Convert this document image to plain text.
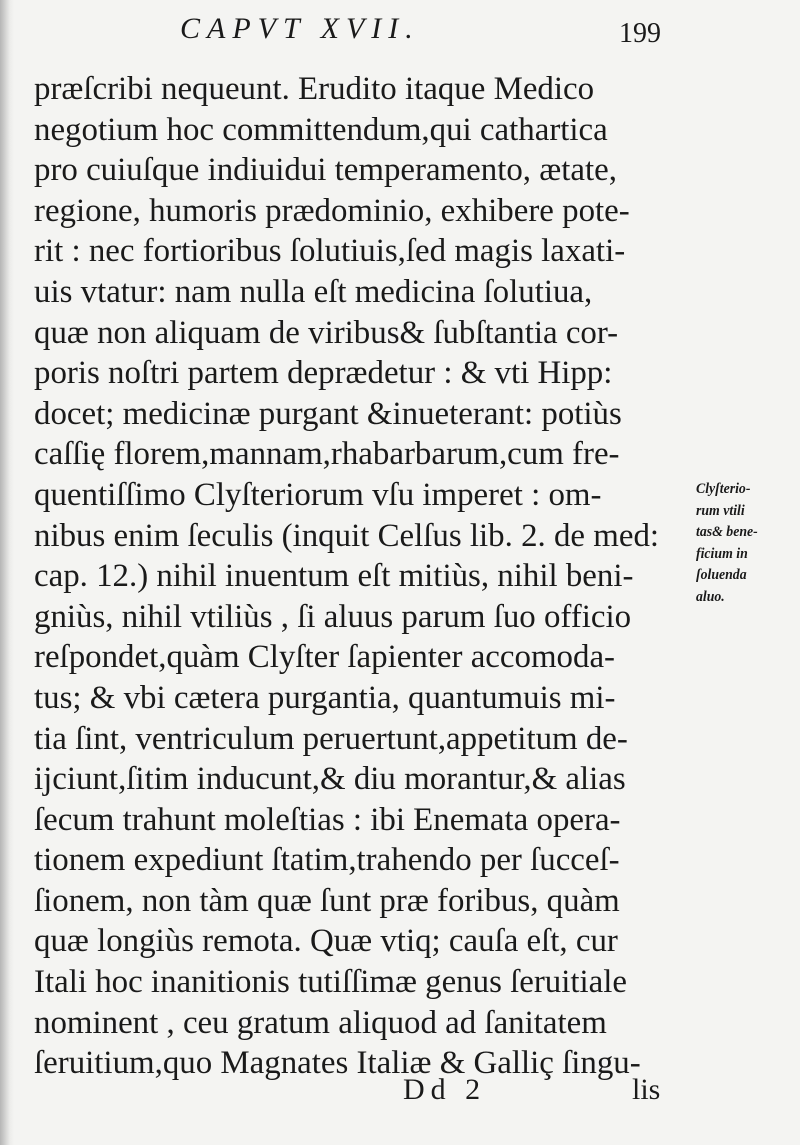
CAPVT XVII.	199
præſcribi nequeunt. Erudito itaque Medico
negotium hoc committendum,qui cathartica
pro cuiuſque indiuidui temperamento, ætate,
regione, humoris prædominio, exhibere pote-
rit : nec fortioribus ſolutiuis,ſed magis laxati-
uis vtatur: nam nulla eſt medicina ſolutiua,
quæ non aliquam de viribus& ſubſtantia cor-
poris noſtri partem deprædetur : & vti Hipp:
docet; medicinæ purgant &inueterant: potiùs
caſſię florem,mannam,rhabarbarum,cum fre-
quentiſſimo Clyſteriorum vſu imperet : om-
nibus enim ſeculis (inquit Celſus lib. 2. de med:
cap. 12.) nihil inuentum eſt mitiùs, nihil beni-
gniùs, nihil vtiliùs , ſi aluus parum ſuo officio
reſpondet,quàm Clyſter ſapienter accomoda-
tus; & vbi cætera purgantia, quantumuis mi-
tia ſint, ventriculum peruertunt,appetitum de-
ijciunt,ſitim inducunt,& diu morantur,& alias
ſecum trahunt moleſtias : ibi Enemata opera-
tionem expediunt ſtatim,trahendo per ſucceſ-
ſionem, non tàm quæ ſunt præ foribus, quàm
quæ longiùs remota. Quæ vtiq; cauſa eſt, cur
Itali hoc inanitionis tutiſſimæ genus ſeruitiale
nominent , ceu gratum aliquod ad ſanitatem
ſeruitium,quo Magnates Italiæ & Galliç ſingu-
Clyſterio-
rum vtili
tas& bene-
ficium in
ſoluenda
aluo.
Dd 2	lis
